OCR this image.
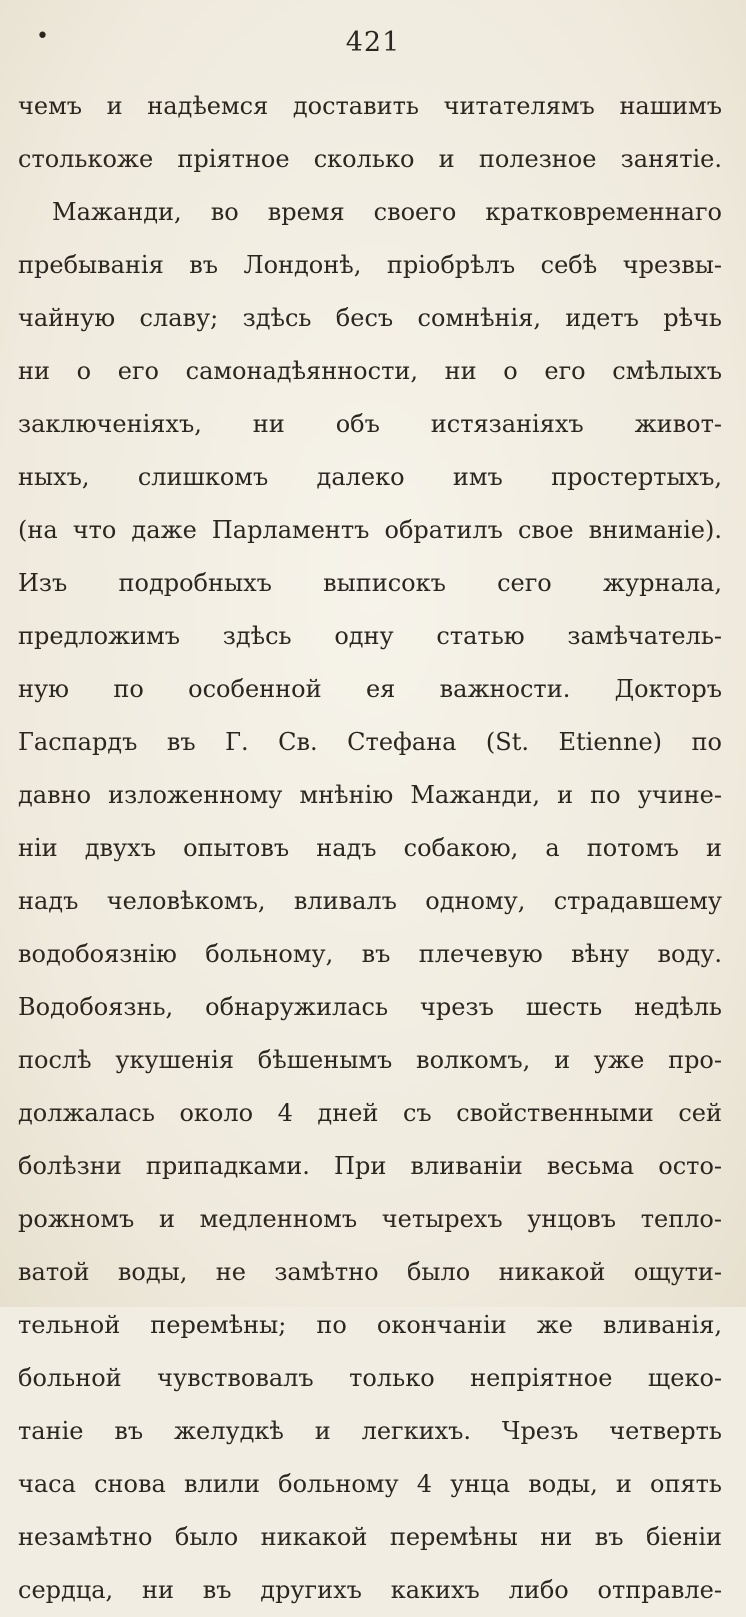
•	421
чемъ и надѣемся доставить читателямъ нашимъ
столькоже пріятное сколько и полезное занятіе.
Мажанди, во время своего кратковременнаго
пребыванія въ Лондонѣ, пріобрѣлъ себѣ чрезвы-
чайную славу; здѣсь бесъ сомнѣнія, идетъ рѣчь
ни о его самонадѣянности, ни о его смѣлыхъ
заключеніяхъ, ни объ истязаніяхъ живот-
ныхъ, слишкомъ далеко имъ простертыхъ,
(на что даже Парламентъ обратилъ свое вниманіе).
Изъ подробныхъ выписокъ сего журнала,
предложимъ здѣсь одну статью замѣчатель-
ную по особенной ея важности. Докторъ
Гаспардъ въ Г. Св. Стефана (St. Etienne) по
давно изложенному мнѣнію Мажанди, и по учине-
ніи двухъ опытовъ надъ собакою, а потомъ и
надъ человѣкомъ, вливалъ одному, страдавшему
водобоязнію больному, въ плечевую вѣну воду.
Водобоязнь, обнаружилась чрезъ шесть недѣль
послѣ укушенія бѣшенымъ волкомъ, и уже про-
должалась около 4 дней съ свойственными сей
болѣзни припадками. При вливаніи весьма осто-
рожномъ и медленномъ четырехъ унцовъ тепло-
ватой воды, не замѣтно было никакой ощути-
тельной перемѣны; по окончаніи же вливанія,
больной чувствовалъ только непріятное щеко-
таніе въ желудкѣ и легкихъ. Чрезъ четверть
часа снова влили больному 4 унца воды, и опять
незамѣтно было никакой перемѣны ни въ біеніи
сердца, ни въ другихъ какихъ либо отправле-
